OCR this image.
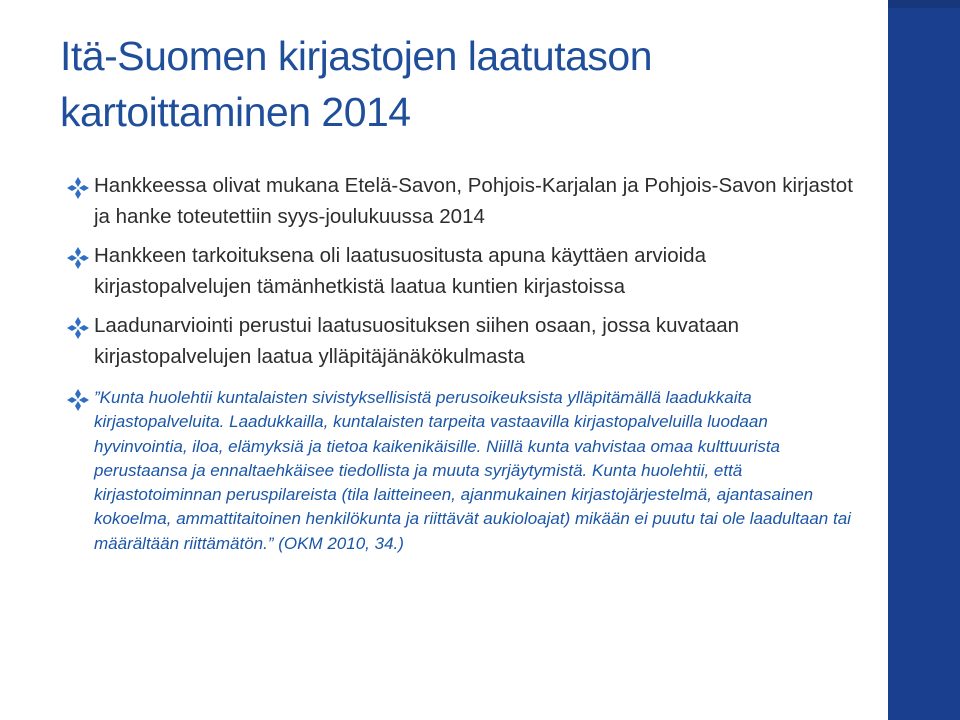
Itä-Suomen kirjastojen laatutason kartoittaminen 2014
Hankkeessa olivat mukana Etelä-Savon, Pohjois-Karjalan ja Pohjois-Savon kirjastot ja hanke toteutettiin syys-joulukuussa 2014
Hankkeen tarkoituksena oli laatusuositusta apuna käyttäen arvioida kirjastopalvelujen tämänhetkistä laatua kuntien kirjastoissa
Laadunarviointi perustui laatusuosituksen siihen osaan, jossa kuvataan kirjastopalvelujen laatua ylläpitäjänäkökulmasta
”Kunta huolehtii kuntalaisten sivistyksellisistä perusoikeuksista ylläpitämällä laadukkaita kirjastopalveluita. Laadukkailla, kuntalaisten tarpeita vastaavilla kirjastopalveluilla luodaan hyvinvointia, iloa, elämyksiä ja tietoa kaikenikäisille. Niillä kunta vahvistaa omaa kulttuurista perustaansa ja ennaltaehkäisee tiedollista ja muuta syrjäytymistä. Kunta huolehtii, että kirjastotoiminnan peruspilareista (tila laitteineen, ajanmukainen kirjastojärjestelmä, ajantasainen kokoelma, ammattitaitoinen henkilökunta ja riittävät aukioloajat) mikään ei puutu tai ole laadultaan tai määrältään riittämätön.” (OKM 2010, 34.)
